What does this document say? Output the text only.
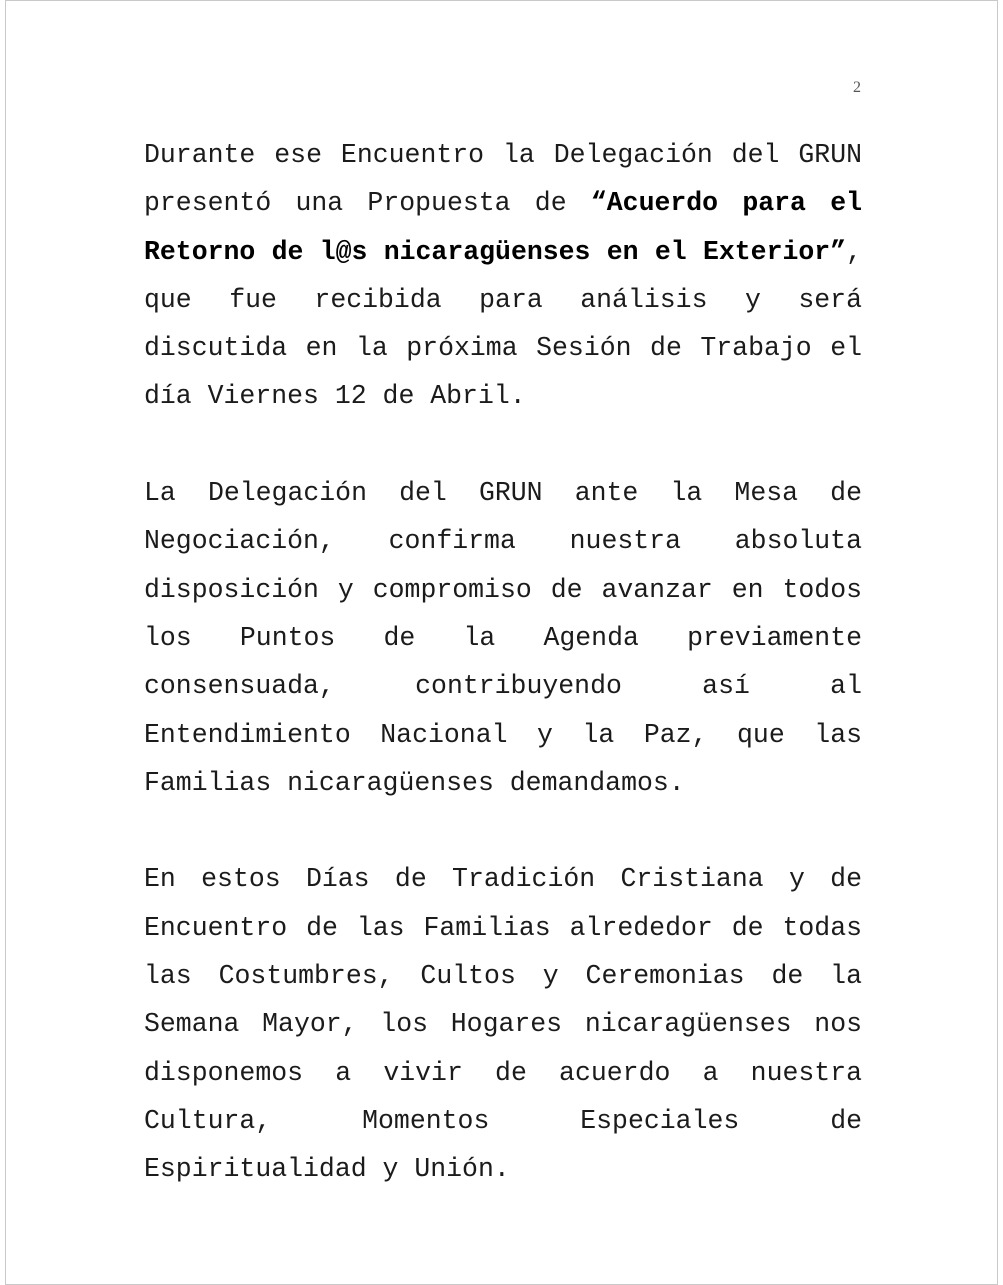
2

Durante ese Encuentro la Delegación del GRUN presentó una Propuesta de “Acuerdo para el Retorno de l@s nicaragüenses en el Exterior”, que fue recibida para análisis y será discutida en la próxima Sesión de Trabajo el día Viernes 12 de Abril.

La Delegación del GRUN ante la Mesa de Negociación, confirma nuestra absoluta disposición y compromiso de avanzar en todos los Puntos de la Agenda previamente consensuada, contribuyendo así al Entendimiento Nacional y la Paz, que las Familias nicaragüenses demandamos.

En estos Días de Tradición Cristiana y de Encuentro de las Familias alrededor de todas las Costumbres, Cultos y Ceremonias de la Semana Mayor, los Hogares nicaragüenses nos disponemos a vivir de acuerdo a nuestra Cultura, Momentos Especiales de Espiritualidad y Unión.
